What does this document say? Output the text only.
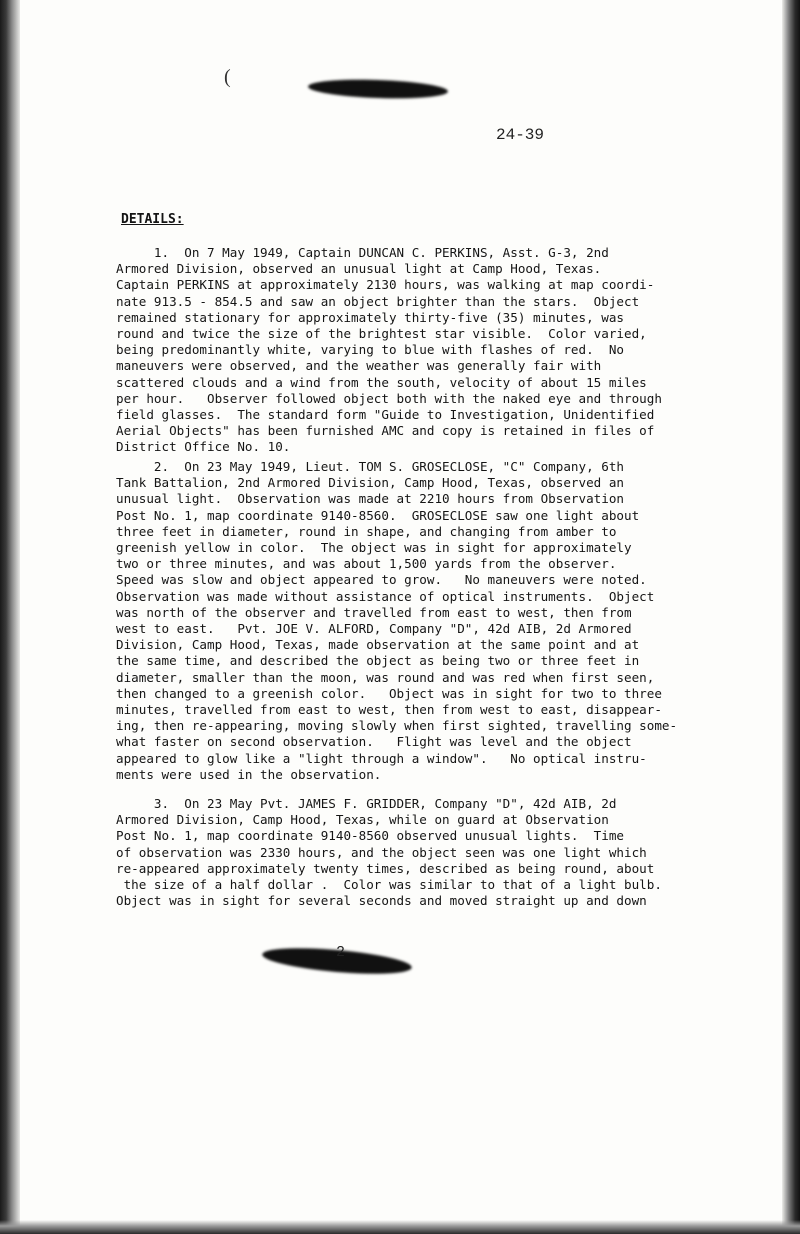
(
24-39
DETAILS:
1.  On 7 May 1949, Captain DUNCAN C. PERKINS, Asst. G-3, 2nd
Armored Division, observed an unusual light at Camp Hood, Texas.
Captain PERKINS at approximately 2130 hours, was walking at map coordi-
nate 913.5 - 854.5 and saw an object brighter than the stars.  Object
remained stationary for approximately thirty-five (35) minutes, was
round and twice the size of the brightest star visible.  Color varied,
being predominantly white, varying to blue with flashes of red.  No
maneuvers were observed, and the weather was generally fair with
scattered clouds and a wind from the south, velocity of about 15 miles
per hour.   Observer followed object both with the naked eye and through
field glasses.  The standard form "Guide to Investigation, Unidentified
Aerial Objects" has been furnished AMC and copy is retained in files of
District Office No. 10.
2.  On 23 May 1949, Lieut. TOM S. GROSECLOSE, "C" Company, 6th
Tank Battalion, 2nd Armored Division, Camp Hood, Texas, observed an
unusual light.  Observation was made at 2210 hours from Observation
Post No. 1, map coordinate 9140-8560.  GROSECLOSE saw one light about
three feet in diameter, round in shape, and changing from amber to
greenish yellow in color.  The object was in sight for approximately
two or three minutes, and was about 1,500 yards from the observer.
Speed was slow and object appeared to grow.   No maneuvers were noted.
Observation was made without assistance of optical instruments.  Object
was north of the observer and travelled from east to west, then from
west to east.   Pvt. JOE V. ALFORD, Company "D", 42d AIB, 2d Armored
Division, Camp Hood, Texas, made observation at the same point and at
the same time, and described the object as being two or three feet in
diameter, smaller than the moon, was round and was red when first seen,
then changed to a greenish color.   Object was in sight for two to three
minutes, travelled from east to west, then from west to east, disappear-
ing, then re-appearing, moving slowly when first sighted, travelling some-
what faster on second observation.   Flight was level and the object
appeared to glow like a "light through a window".   No optical instru-
ments were used in the observation.
3.  On 23 May Pvt. JAMES F. GRIDDER, Company "D", 42d AIB, 2d
Armored Division, Camp Hood, Texas, while on guard at Observation
Post No. 1, map coordinate 9140-8560 observed unusual lights.  Time
of observation was 2330 hours, and the object seen was one light which
re-appeared approximately twenty times, described as being round, about
the size of a half dollar .  Color was similar to that of a light bulb.
Object was in sight for several seconds and moved straight up and down
2
